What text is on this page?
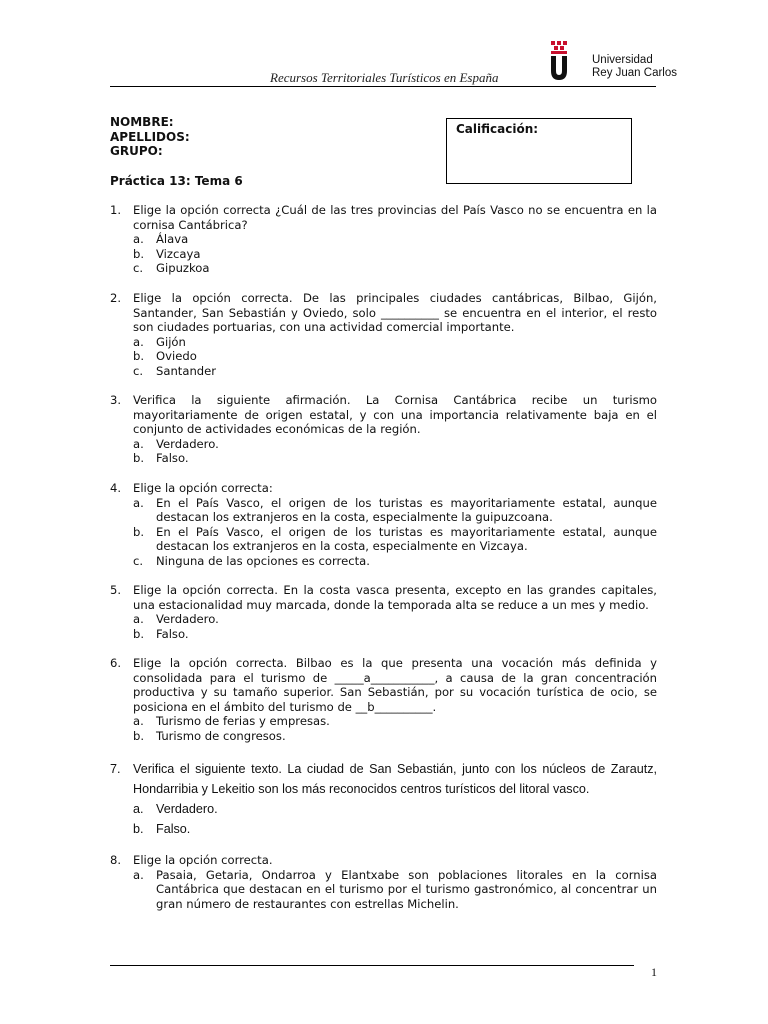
Recursos Territoriales Turísticos en España
Universidad
Rey Juan Carlos
NOMBRE:
APELLIDOS:
GRUPO:
Calificación:
Práctica 13: Tema 6
1. Elige la opción correcta ¿Cuál de las tres provincias del País Vasco no se encuentra en la cornisa Cantábrica?
a. Álava
b. Vizcaya
c. Gipuzkoa
2. Elige la opción correcta. De las principales ciudades cantábricas, Bilbao, Gijón, Santander, San Sebastián y Oviedo, solo __________ se encuentra en el interior, el resto son ciudades portuarias, con una actividad comercial importante.
a. Gijón
b. Oviedo
c. Santander
3. Verifica la siguiente afirmación. La Cornisa Cantábrica recibe un turismo mayoritariamente de origen estatal, y con una importancia relativamente baja en el conjunto de actividades económicas de la región.
a. Verdadero.
b. Falso.
4. Elige la opción correcta:
a. En el País Vasco, el origen de los turistas es mayoritariamente estatal, aunque destacan los extranjeros en la costa, especialmente la guipuzcoana.
b. En el País Vasco, el origen de los turistas es mayoritariamente estatal, aunque destacan los extranjeros en la costa, especialmente en Vizcaya.
c. Ninguna de las opciones es correcta.
5. Elige la opción correcta. En la costa vasca presenta, excepto en las grandes capitales, una estacionalidad muy marcada, donde la temporada alta se reduce a un mes y medio.
a. Verdadero.
b. Falso.
6. Elige la opción correcta. Bilbao es la que presenta una vocación más definida y consolidada para el turismo de _____a___________, a causa de la gran concentración productiva y su tamaño superior. San Sebastián, por su vocación turística de ocio, se posiciona en el ámbito del turismo de __b__________.
a. Turismo de ferias y empresas.
b. Turismo de congresos.
7. Verifica el siguiente texto. La ciudad de San Sebastián, junto con los núcleos de Zarautz, Hondarribia y Lekeitio son los más reconocidos centros turísticos del litoral vasco.
a. Verdadero.
b. Falso.
8. Elige la opción correcta.
a. Pasaia, Getaria, Ondarroa y Elantxabe son poblaciones litorales en la cornisa Cantábrica que destacan en el turismo por el turismo gastronómico, al concentrar un gran número de restaurantes con estrellas Michelin.
1
